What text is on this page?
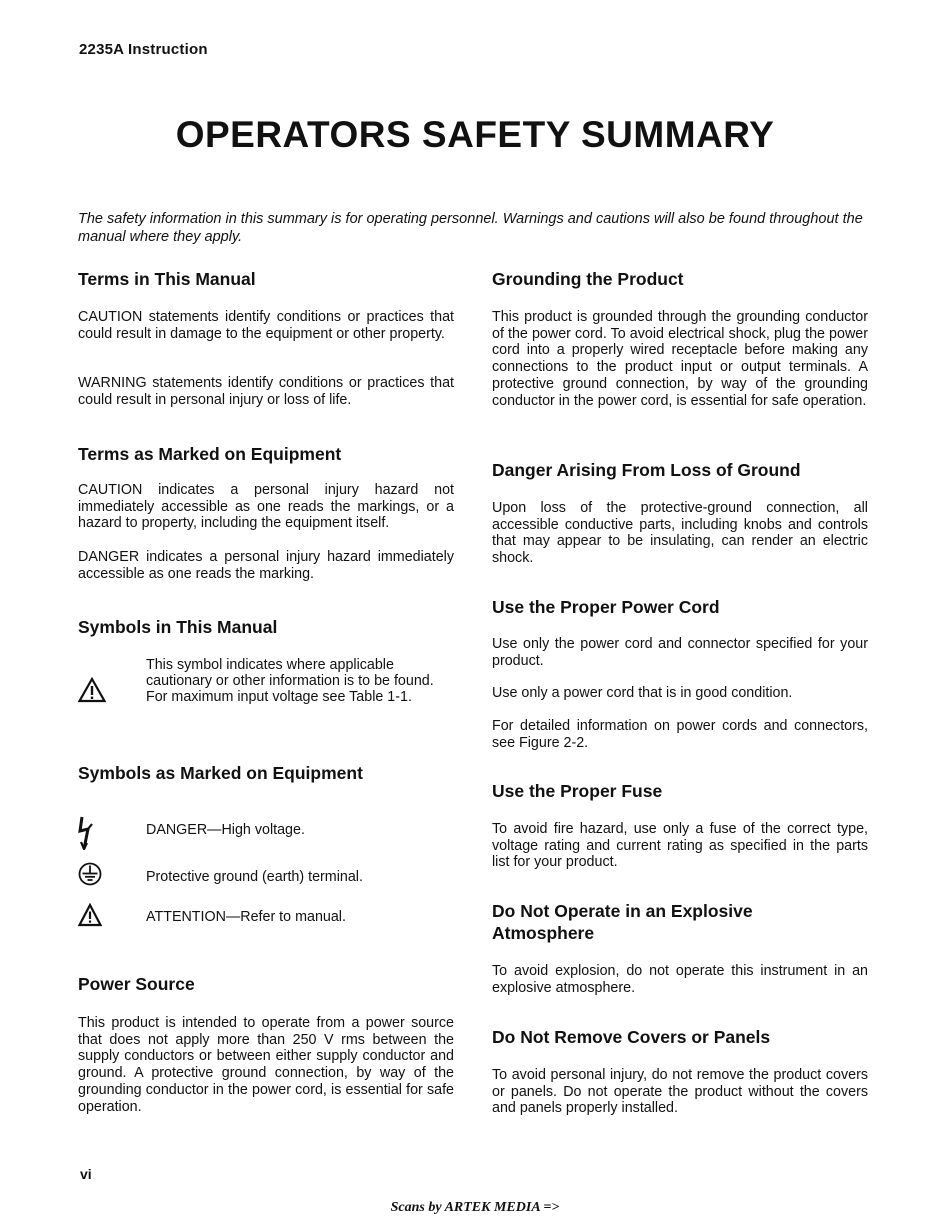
2235A Instruction
OPERATORS SAFETY SUMMARY

The safety information in this summary is for operating personnel. Warnings and cautions will also be found throughout the manual where they apply.

Terms in This Manual

CAUTION statements identify conditions or practices that could result in damage to the equipment or other property.

WARNING statements identify conditions or practices that could result in personal injury or loss of life.

Terms as Marked on Equipment

CAUTION indicates a personal injury hazard not immediately accessible as one reads the markings, or a hazard to property, including the equipment itself.

DANGER indicates a personal injury hazard immediately accessible as one reads the marking.

Symbols in This Manual
This symbol indicates where applicable cautionary or other information is to be found. For maximum input voltage see Table 1-1.
Symbols as Marked on Equipment
DANGER—High voltage.
Protective ground (earth) terminal.
ATTENTION—Refer to manual.
Power Source

This product is intended to operate from a power source that does not apply more than 250 V rms between the supply conductors or between either supply conductor and ground. A protective ground connection, by way of the grounding conductor in the power cord, is essential for safe operation.

Grounding the Product

This product is grounded through the grounding conductor of the power cord. To avoid electrical shock, plug the power cord into a properly wired receptacle before making any connections to the product input or output terminals. A protective ground connection, by way of the grounding conductor in the power cord, is essential for safe operation.

Danger Arising From Loss of Ground

Upon loss of the protective-ground connection, all accessible conductive parts, including knobs and controls that may appear to be insulating, can render an electric shock.

Use the Proper Power Cord

Use only the power cord and connector specified for your product.

Use only a power cord that is in good condition.

For detailed information on power cords and connectors, see Figure 2-2.

Use the Proper Fuse

To avoid fire hazard, use only a fuse of the correct type, voltage rating and current rating as specified in the parts list for your product.

Do Not Operate in an Explosive
Atmosphere

To avoid explosion, do not operate this instrument in an explosive atmosphere.

Do Not Remove Covers or Panels

To avoid personal injury, do not remove the product covers or panels. Do not operate the product without the covers and panels properly installed.

vi
Scans by ARTEK MEDIA =>
